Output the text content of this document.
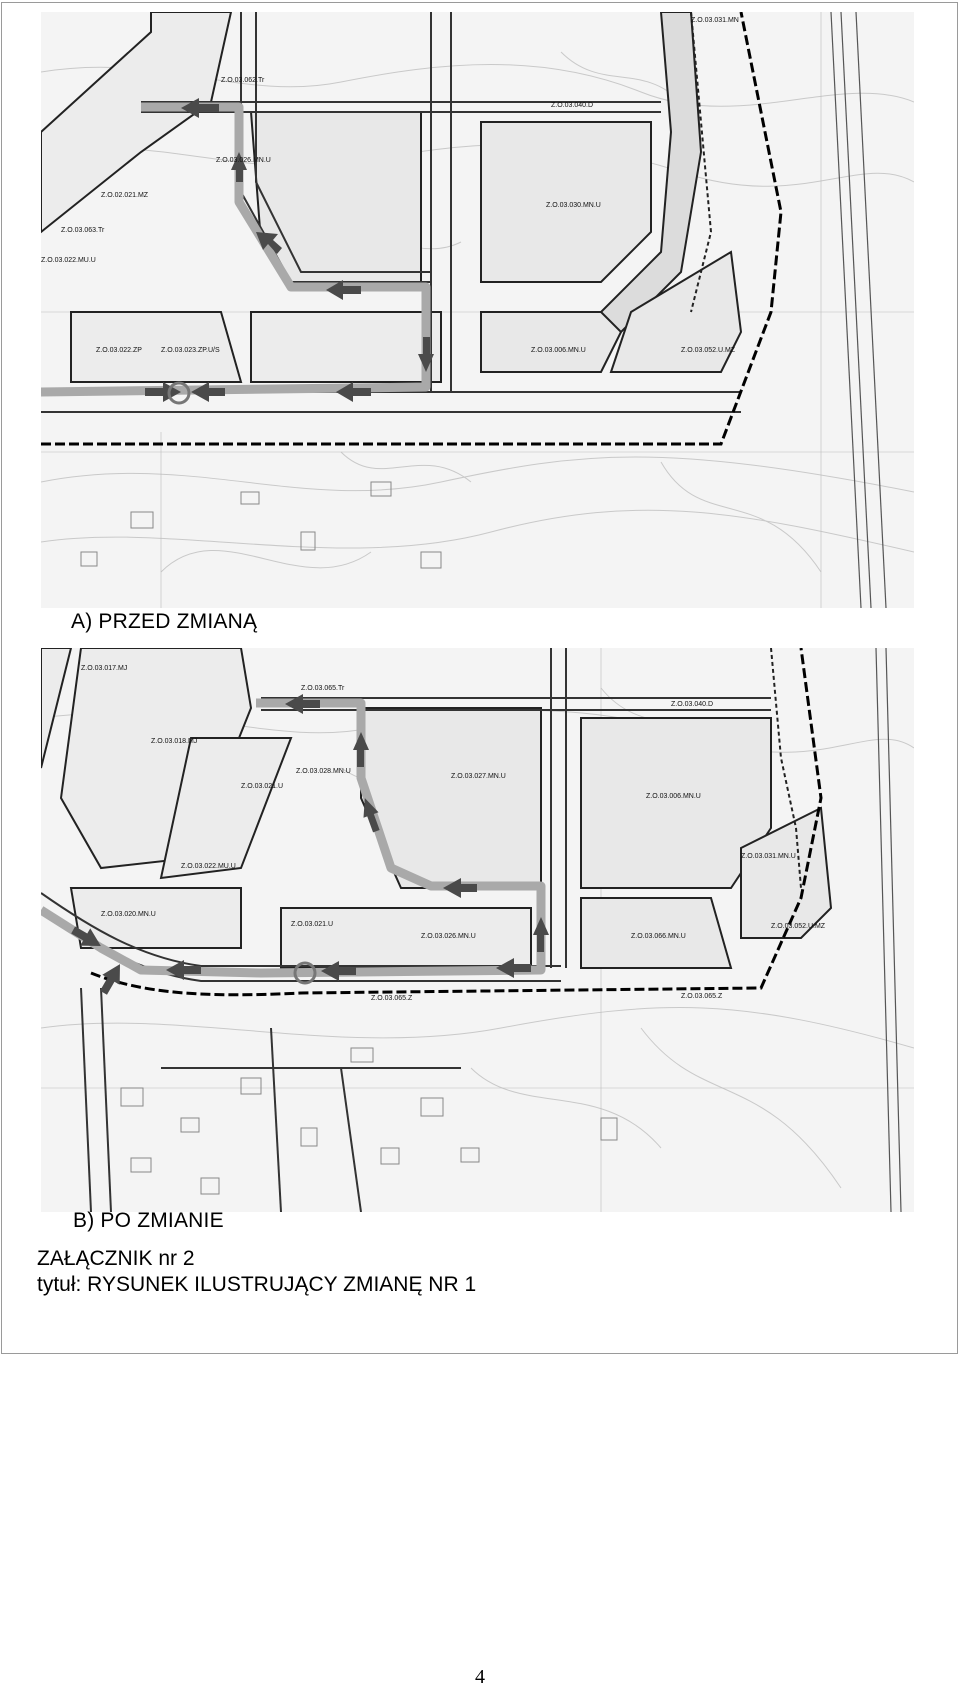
Z.O.03.031.MN
Z.O.03.062.Tr
Z.O.03.040.D
Z.O.03.026.MN.U
Z.O.02.021.MZ
Z.O.03.063.Tr
Z.O.03.022.MU.U
Z.O.03.030.MN.U
Z.O.03.022.ZP	Z.O.03.023.ZP.U/S	Z.O.03.006.MN.U	Z.O.03.052.U.MZ
A) PRZED ZMIANĄ
Z.O.03.017.MJ
Z.O.03.065.Tr
Z.O.03.040.D
Z.O.03.018.MJ
Z.O.03.028.MN.U
Z.O.03.027.MN.U
Z.O.03.006.MN.U
Z.O.03.021.U
Z.O.03.022.MU.U
Z.O.03.020.MN.U
Z.O.03.021.U
Z.O.03.026.MN.U	Z.O.03.066.MN.U
Z.O.03.031.MN.U
Z.O.03.052.U.MZ
Z.O.03.065.Z	Z.O.03.065.Z
B) PO ZMIANIE
ZAŁĄCZNIK nr 2
tytuł: RYSUNEK ILUSTRUJĄCY ZMIANĘ NR 1
4
